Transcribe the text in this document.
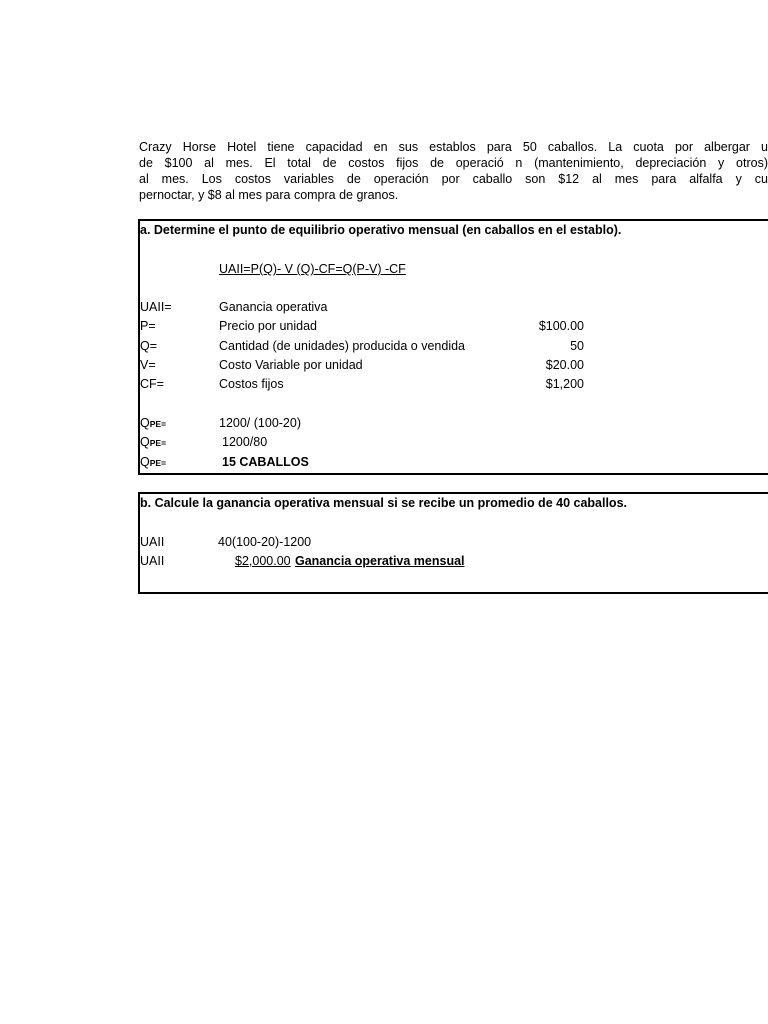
Crazy Horse Hotel tiene capacidad en sus establos para 50 caballos. La cuota por albergar u
de $100 al mes. El total de costos fijos de operació n (mantenimiento, depreciación y otros)
al mes. Los costos variables de operación por caballo son $12 al mes para alfalfa y cu
pernoctar, y $8 al mes para compra de granos.
a. Determine el punto de equilibrio operativo mensual (en caballos en el establo).
UAII=P(Q)- V (Q)-CF=Q(P-V) -CF
UAII=	Ganancia operativa
P=	Precio por unidad	$100.00
Q=	Cantidad (de unidades) producida o vendida	50
V=	Costo Variable por unidad	$20.00
CF=	Costos fijos	$1,200
QPE=	1200/ (100-20)
QPE=	1200/80
QPE=	15 CABALLOS
b. Calcule la ganancia operativa mensual si se recibe un promedio de 40 caballos.
UAII	40(100-20)-1200
UAII	$2,000.00 Ganancia operativa mensual
